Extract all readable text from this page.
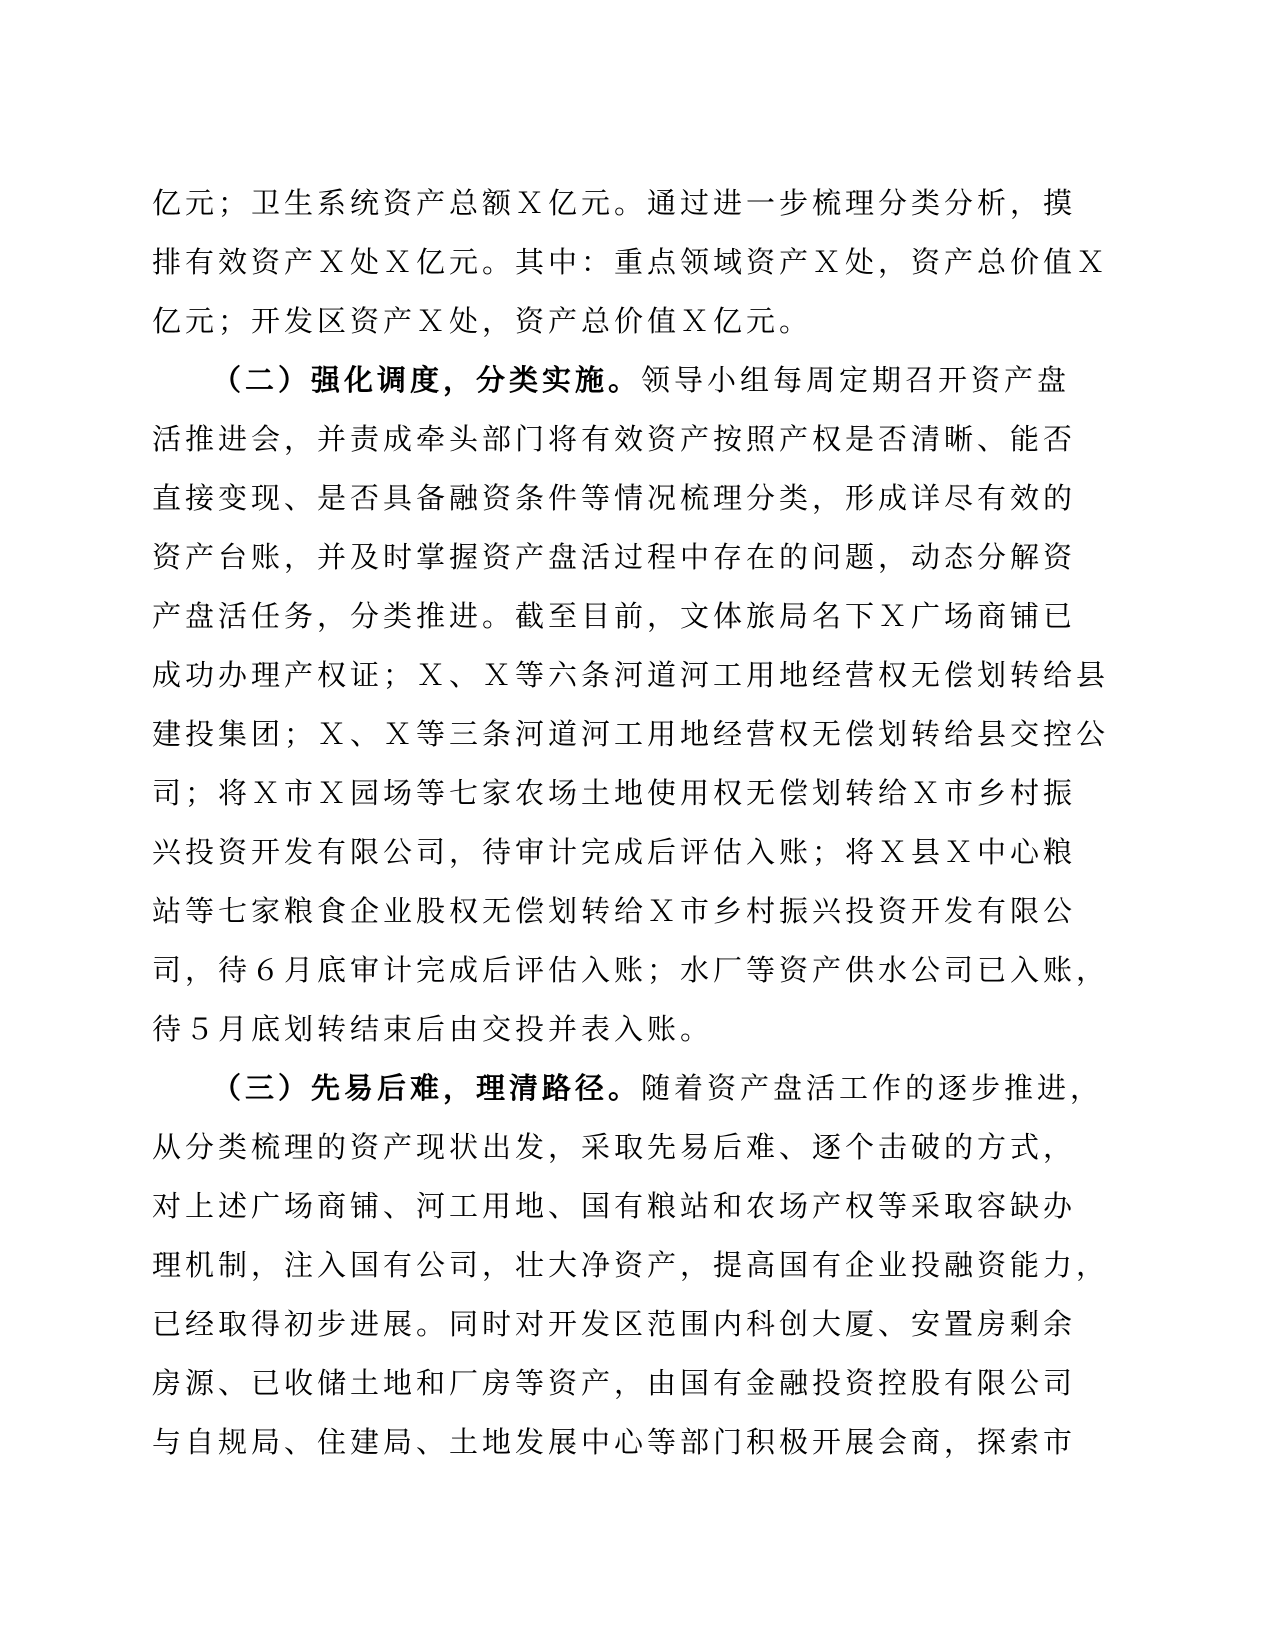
亿元；卫生系统资产总额Ｘ亿元。通过进一步梳理分类分析，摸
排有效资产Ｘ处Ｘ亿元。其中：重点领域资产Ｘ处，资产总价值Ｘ
亿元；开发区资产Ｘ处，资产总价值Ｘ亿元。
（二）强化调度，分类实施。领导小组每周定期召开资产盘
活推进会，并责成牵头部门将有效资产按照产权是否清晰、能否
直接变现、是否具备融资条件等情况梳理分类，形成详尽有效的
资产台账，并及时掌握资产盘活过程中存在的问题，动态分解资
产盘活任务，分类推进。截至目前，文体旅局名下Ｘ广场商铺已
成功办理产权证；Ｘ、Ｘ等六条河道河工用地经营权无偿划转给县
建投集团；Ｘ、Ｘ等三条河道河工用地经营权无偿划转给县交控公
司；将Ｘ市Ｘ园场等七家农场土地使用权无偿划转给Ｘ市乡村振
兴投资开发有限公司，待审计完成后评估入账；将Ｘ县Ｘ中心粮
站等七家粮食企业股权无偿划转给Ｘ市乡村振兴投资开发有限公
司，待６月底审计完成后评估入账；水厂等资产供水公司已入账，
待５月底划转结束后由交投并表入账。
（三）先易后难，理清路径。随着资产盘活工作的逐步推进，
从分类梳理的资产现状出发，采取先易后难、逐个击破的方式，
对上述广场商铺、河工用地、国有粮站和农场产权等采取容缺办
理机制，注入国有公司，壮大净资产，提高国有企业投融资能力，
已经取得初步进展。同时对开发区范围内科创大厦、安置房剩余
房源、已收储土地和厂房等资产，由国有金融投资控股有限公司
与自规局、住建局、土地发展中心等部门积极开展会商，探索市
